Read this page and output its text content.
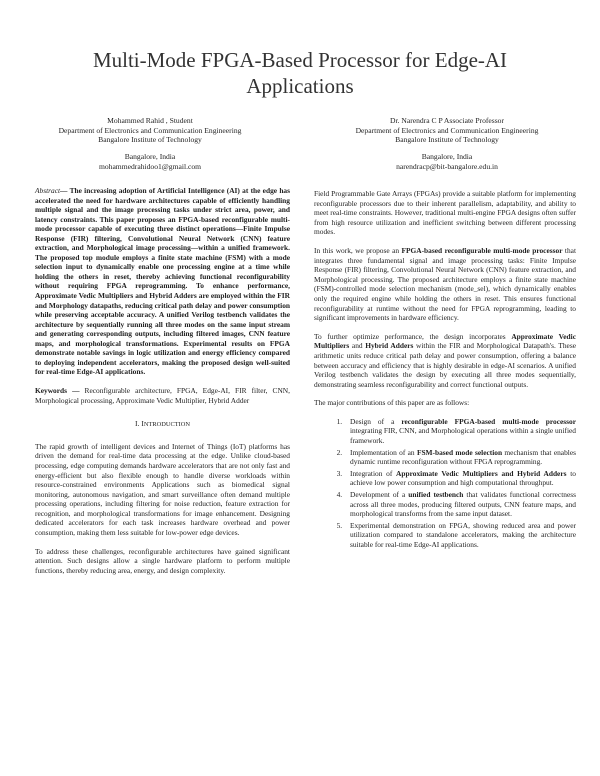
Multi-Mode FPGA-Based Processor for Edge-AI Applications

Mohammed Rahid , Student

Department of Electronics and Communication Engineering

Bangalore Institute of Technology

Bangalore, India

mohammedrahidoo1@gmail.com

Dr. Narendra C P Associate Professor

Department of Electronics and Communication Engineering

Bangalore Institute of Technology

Bangalore, India

narendracp@bit-bangalore.edu.in

Abstract— The increasing adoption of Artificial Intelligence (AI) at the edge has accelerated the need for hardware architectures capable of efficiently handling multiple signal and the image processing tasks under strict area, power, and latency constraints. This paper proposes an FPGA-based reconfigurable multi-mode processor capable of executing three distinct operations—Finite Impulse Response (FIR) filtering, Convolutional Neural Network (CNN) feature extraction, and Morphological image processing—within a unified framework. The proposed top module employs a finite state machine (FSM) with a mode selection input to dynamically enable one processing engine at a time while holding the others in reset, thereby achieving functional reconfigurability without requiring FPGA reprogramming. To enhance performance, Approximate Vedic Multipliers and Hybrid Adders are employed within the FIR and Morphology datapaths, reducing critical path delay and power consumption while preserving acceptable accuracy. A unified Verilog testbench validates the architecture by sequentially running all three modes on the same input stream and generating corresponding outputs, including filtered images, CNN feature maps, and morphological transformations. Experimental results on FPGA demonstrate notable savings in logic utilization and energy efficiency compared to deploying independent accelerators, making the proposed design well-suited for real-time Edge-AI applications.

Keywords — Reconfigurable architecture, FPGA, Edge-AI, FIR filter, CNN, Morphological processing, Approximate Vedic Multiplier, Hybrid Adder

I. INTRODUCTION

The rapid growth of intelligent devices and Internet of Things (IoT) platforms has driven the demand for real-time data processing at the edge. Unlike cloud-based processing, edge computing demands hardware accelerators that are not only fast and energy-efficient but also flexible enough to handle diverse workloads within resource-constrained environments Applications such as biomedical signal monitoring, autonomous navigation, and smart surveillance often demand multiple processing operations, including filtering for noise reduction, feature extraction for recognition, and morphological transformations for image enhancement. Designing dedicated accelerators for each task increases hardware overhead and power consumption, making them less suitable for low-power edge devices.

To address these challenges, reconfigurable architectures have gained significant attention. Such designs allow a single hardware platform to perform multiple functions, thereby reducing area, energy, and design complexity.

Field Programmable Gate Arrays (FPGAs) provide a suitable platform for implementing reconfigurable processors due to their inherent parallelism, adaptability, and ability to meet real-time constraints. However, traditional multi-engine FPGA designs often suffer from high resource utilization and inefficient switching between different processing modes.

In this work, we propose an FPGA-based reconfigurable multi-mode processor that integrates three fundamental signal and image processing tasks: Finite Impulse Response (FIR) filtering, Convolutional Neural Network (CNN) feature extraction, and Morphological processing. The proposed architecture employs a finite state machine (FSM)-controlled mode selection mechanism (mode_sel), which dynamically enables only the required engine while holding the others in reset. This ensures functional reconfigurability at runtime without the need for FPGA reprogramming, leading to significant improvements in hardware efficiency.

To further optimize performance, the design incorporates Approximate Vedic Multipliers and Hybrid Adders within the FIR and Morphological Datapath's. These arithmetic units reduce critical path delay and power consumption, offering a balance between accuracy and efficiency that is highly desirable in edge-AI scenarios. A unified Verilog testbench validates the design by executing all three modes sequentially, demonstrating seamless reconfigurability and correct functional outputs.

The major contributions of this paper are as follows:

1. Design of a reconfigurable FPGA-based multi-mode processor integrating FIR, CNN, and Morphological operations within a single unified framework.
2. Implementation of an FSM-based mode selection mechanism that enables dynamic runtime reconfiguration without FPGA reprogramming.
3. Integration of Approximate Vedic Multipliers and Hybrid Adders to achieve low power consumption and high computational throughput.
4. Development of a unified testbench that validates functional correctness across all three modes, producing filtered outputs, CNN feature maps, and morphological transforms from the same input dataset.
5. Experimental demonstration on FPGA, showing reduced area and power utilization compared to standalone accelerators, making the architecture suitable for real-time Edge-AI applications.
